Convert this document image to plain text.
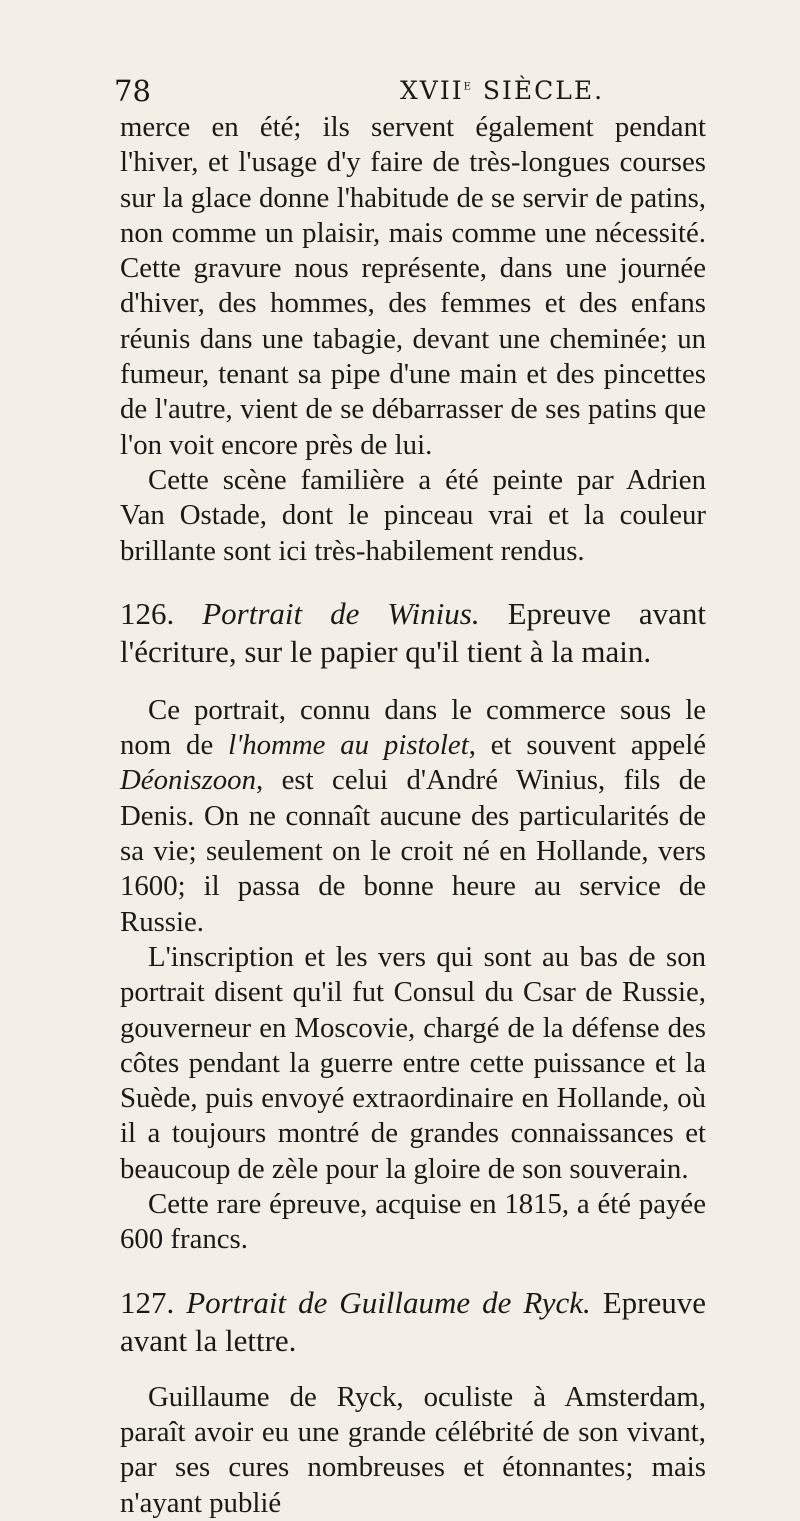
78	XVIIe SIÈCLE.

merce en été; ils servent également pendant l'hiver, et l'usage d'y faire de très-longues courses sur la glace donne l'habitude de se servir de patins, non comme un plaisir, mais comme une nécessité. Cette gravure nous représente, dans une journée d'hiver, des hommes, des femmes et des enfans réunis dans une tabagie, devant une cheminée; un fumeur, tenant sa pipe d'une main et des pincettes de l'autre, vient de se débarrasser de ses patins que l'on voit encore près de lui.

Cette scène familière a été peinte par Adrien Van Ostade, dont le pinceau vrai et la couleur brillante sont ici très-habilement rendus.

126. Portrait de Winius. Epreuve avant l'écriture, sur le papier qu'il tient à la main.

Ce portrait, connu dans le commerce sous le nom de l'homme au pistolet, et souvent appelé Déoniszoon, est celui d'André Winius, fils de Denis. On ne connaît aucune des particularités de sa vie; seulement on le croit né en Hollande, vers 1600; il passa de bonne heure au service de Russie.

L'inscription et les vers qui sont au bas de son portrait disent qu'il fut Consul du Csar de Russie, gouverneur en Moscovie, chargé de la défense des côtes pendant la guerre entre cette puissance et la Suède, puis envoyé extraordinaire en Hollande, où il a toujours montré de grandes connaissances et beaucoup de zèle pour la gloire de son souverain.

Cette rare épreuve, acquise en 1815, a été payée 600 francs.

127. Portrait de Guillaume de Ryck. Epreuve avant la lettre.

Guillaume de Ryck, oculiste à Amsterdam, paraît avoir eu une grande célébrité de son vivant, par ses cures nombreuses et étonnantes; mais n'ayant publié
